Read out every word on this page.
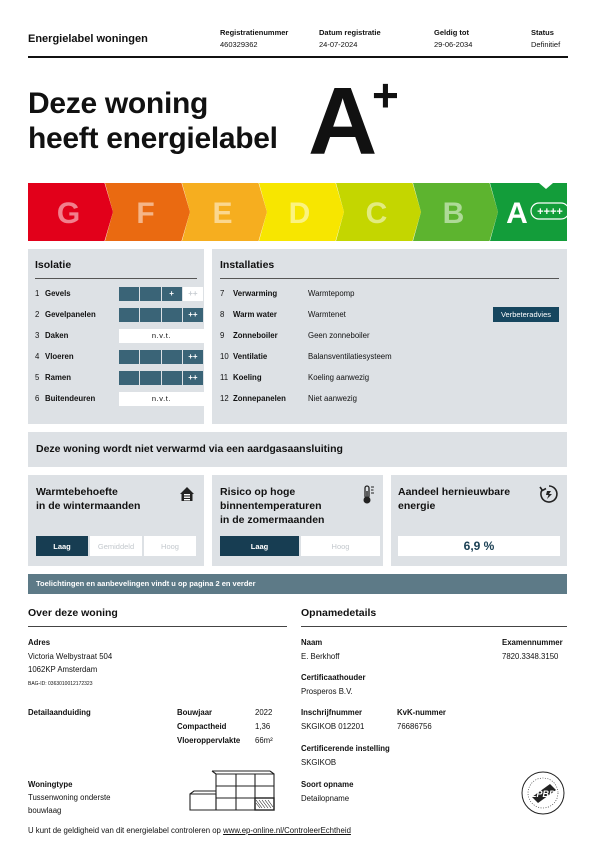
Energielabel woningen
Registratienummer
460329362
Datum registratie
24-07-2024
Geldig tot
29-06-2034
Status
Definitief
Deze woning
heeft energielabel A
+
G F E D C B A ++++
Isolatie
1 Gevels	+	++
2 Gevelpanelen	++
3 Daken	n.v.t.
4 Vloeren	++
5 Ramen	++
6 Buitendeuren	n.v.t.
Installaties
7	Verwarming	Warmtepomp
8	Warm water	Warmtenet	Verbeteradvies
9	Zonneboiler	Geen zonneboiler
10 Ventilatie	Balansventilatiesysteem
11 Koeling	Koeling aanwezig
12 Zonnepanelen	Niet aanwezig
Deze woning wordt niet verwarmd via een aardgasaansluiting
Warmtebehoefte
in de wintermaanden
Laag	Gemiddeld	Hoog
Risico op hoge
binnentemperaturen
in de zomermaanden
Laag	Hoog
Aandeel hernieuwbare
energie
6,9 %
Toelichtingen en aanbevelingen vindt u op pagina 2 en verder
Over deze woning
Adres
Victoria Welbystraat 504
1062KP Amsterdam
BAG-ID: 0363010012172323
Detailaanduiding	Bouwjaar	2022
Compactheid	1,36
Vloeroppervlakte 66m²
Woningtype
Tussenwoning onderste
bouwlaag
Opnamedetails
Naam
E. Berkhoff
Examennummer
7820.3348.3150
Certificaathouder
Prosperos B.V.
Inschrijfnummer
SKGIKOB 012201
KvK-nummer
76686756
Certificerende instelling
SKGIKOB
Soort opname
Detailopname	EPBD
U kunt de geldigheid van dit energielabel controleren op www.ep-online.nl/ControleerEchtheid
